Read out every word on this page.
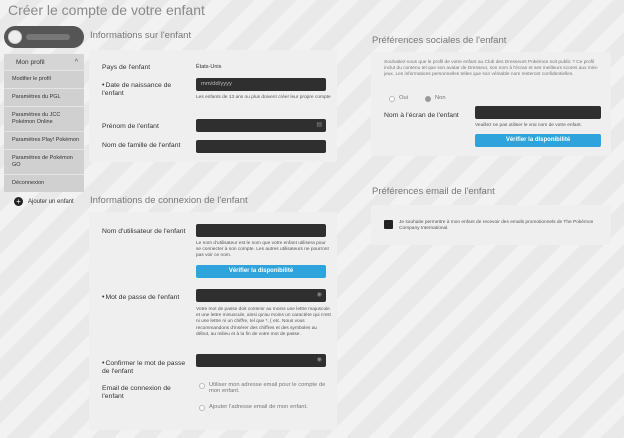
Créer le compte de votre enfant
Mon profil	^
Modifier le profil
Paramètres du PGL
Paramètres du JCC Pokémon Online
Paramètres Play! Pokémon
Paramètres de Pokémon GO
Déconnexion
+	Ajouter un enfant
Informations sur l'enfant
Pays de l'enfant	États-Unis
•Date de naissance de l'enfant
mm/dd/yyyy
Les enfants de 13 ans ou plus doivent créer leur propre compte
Prénom de l'enfant	▤
Nom de famille de l'enfant
Informations de connexion de l'enfant
Nom d'utilisateur de l'enfant
Le nom d'utilisateur est le nom que votre enfant utilisera pour se connecter à son compte. Les autres utilisateurs ne pourront pas voir ce nom.
Vérifier la disponibilité
•Mot de passe de l'enfant	◉
Votre mot de passe doit contenir au moins une lettre majuscule et une lettre minuscule, ainsi qu'au moins un caractère qui n'est ni une lettre ni un chiffre, tel que *, ( etc. Nous vous recommandons d'insérer des chiffres et des symboles au début, au milieu et à la fin de votre mot de passe.
•Confirmer le mot de passe de l'enfant
◉
Email de connexion de l'enfant
Utiliser mon adresse email pour le compte de mon enfant.
Ajouter l'adresse email de mon enfant.
Préférences sociales de l'enfant
Souhaitez-vous que le profil de votre enfant au Club des Dresseurs Pokémon soit public ? Ce profil inclut du contenu tel que son avatar de Dresseur, son nom à l'écran et ses meilleurs scores aux mini-jeux. Les informations personnelles telles que son véritable nom resteront confidentielles.
Oui	Non
Nom à l'écran de l'enfant
Veuillez ne pas utiliser le vrai nom de votre enfant.
Vérifier la disponibilité
Préférences email de l'enfant
Je souhaite permettre à mon enfant de recevoir des emails promotionnels de The Pokémon Company International.
